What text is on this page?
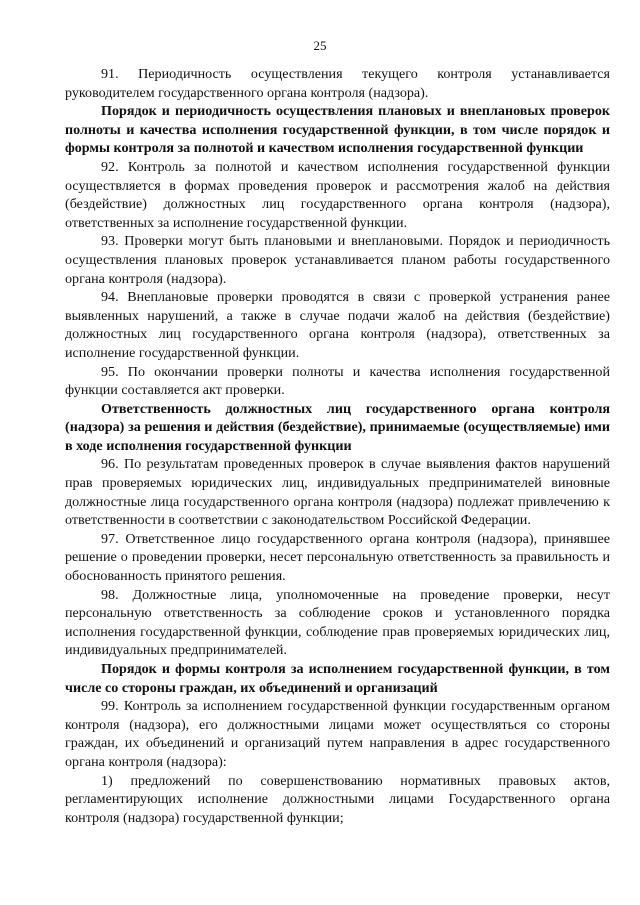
25

91. Периодичность осуществления текущего контроля устанавливается руководителем государственного органа контроля (надзора).

Порядок и периодичность осуществления плановых и внеплановых проверок полноты и качества исполнения государственной функции, в том числе порядок и формы контроля за полнотой и качеством исполнения государственной функции

92. Контроль за полнотой и качеством исполнения государственной функции осуществляется в формах проведения проверок и рассмотрения жалоб на действия (бездействие) должностных лиц государственного органа контроля (надзора), ответственных за исполнение государственной функции.

93. Проверки могут быть плановыми и внеплановыми. Порядок и периодичность осуществления плановых проверок устанавливается планом работы государственного органа контроля (надзора).

94. Внеплановые проверки проводятся в связи с проверкой устранения ранее выявленных нарушений, а также в случае подачи жалоб на действия (бездействие) должностных лиц государственного органа контроля (надзора), ответственных за исполнение государственной функции.

95. По окончании проверки полноты и качества исполнения государственной функции составляется акт проверки.

Ответственность должностных лиц государственного органа контроля (надзора) за решения и действия (бездействие), принимаемые (осуществляемые) ими в ходе исполнения государственной функции

96. По результатам проведенных проверок в случае выявления фактов нарушений прав проверяемых юридических лиц, индивидуальных предпринимателей виновные должностные лица государственного органа контроля (надзора) подлежат привлечению к ответственности в соответствии с законодательством Российской Федерации.

97. Ответственное лицо государственного органа контроля (надзора), принявшее решение о проведении проверки, несет персональную ответственность за правильность и обоснованность принятого решения.

98. Должностные лица, уполномоченные на проведение проверки, несут персональную ответственность за соблюдение сроков и установленного порядка исполнения государственной функции, соблюдение прав проверяемых юридических лиц, индивидуальных предпринимателей.

Порядок и формы контроля за исполнением государственной функции, в том числе со стороны граждан, их объединений и организаций

99. Контроль за исполнением государственной функции государственным органом контроля (надзора), его должностными лицами может осуществляться со стороны граждан, их объединений и организаций путем направления в адрес государственного органа контроля (надзора):

1) предложений по совершенствованию нормативных правовых актов, регламентирующих исполнение должностными лицами Государственного органа контроля (надзора) государственной функции;
